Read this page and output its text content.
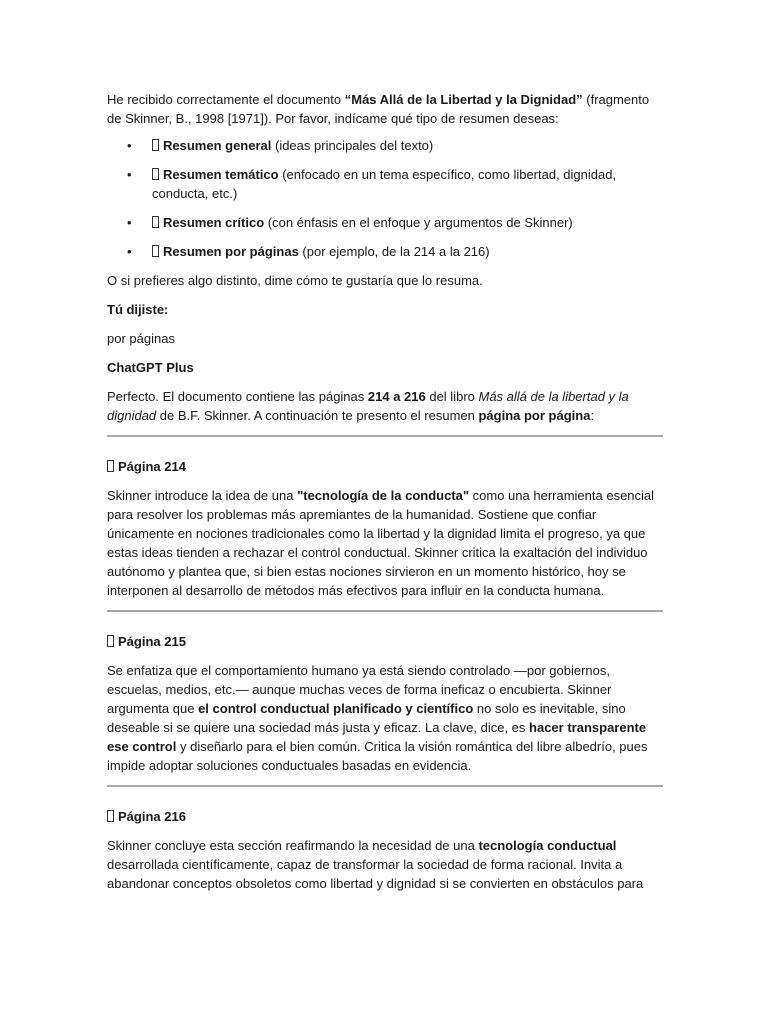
He recibido correctamente el documento “Más Allá de la Libertad y la Dignidad” (fragmento de Skinner, B., 1998 [1971]). Por favor, indícame qué tipo de resumen deseas:

• Resumen general (ideas principales del texto)
• Resumen temático (enfocado en un tema específico, como libertad, dignidad, conducta, etc.)
• Resumen crítico (con énfasis en el enfoque y argumentos de Skinner)
• Resumen por páginas (por ejemplo, de la 214 a la 216)

O si prefieres algo distinto, dime cómo te gustaría que lo resuma.

Tú dijiste:

por páginas

ChatGPT Plus

Perfecto. El documento contiene las páginas 214 a 216 del libro Más allá de la libertad y la dignidad de B.F. Skinner. A continuación te presento el resumen página por página:

Página 214

Skinner introduce la idea de una "tecnología de la conducta" como una herramienta esencial para resolver los problemas más apremiantes de la humanidad. Sostiene que confiar únicamente en nociones tradicionales como la libertad y la dignidad limita el progreso, ya que estas ideas tienden a rechazar el control conductual. Skinner critica la exaltación del individuo autónomo y plantea que, si bien estas nociones sirvieron en un momento histórico, hoy se interponen al desarrollo de métodos más efectivos para influir en la conducta humana.

Página 215

Se enfatiza que el comportamiento humano ya está siendo controlado —por gobiernos, escuelas, medios, etc.— aunque muchas veces de forma ineficaz o encubierta. Skinner argumenta que el control conductual planificado y científico no solo es inevitable, sino deseable si se quiere una sociedad más justa y eficaz. La clave, dice, es hacer transparente ese control y diseñarlo para el bien común. Critica la visión romántica del libre albedrío, pues impide adoptar soluciones conductuales basadas en evidencia.

Página 216

Skinner concluye esta sección reafirmando la necesidad de una tecnología conductual desarrollada científicamente, capaz de transformar la sociedad de forma racional. Invita a abandonar conceptos obsoletos como libertad y dignidad si se convierten en obstáculos para
